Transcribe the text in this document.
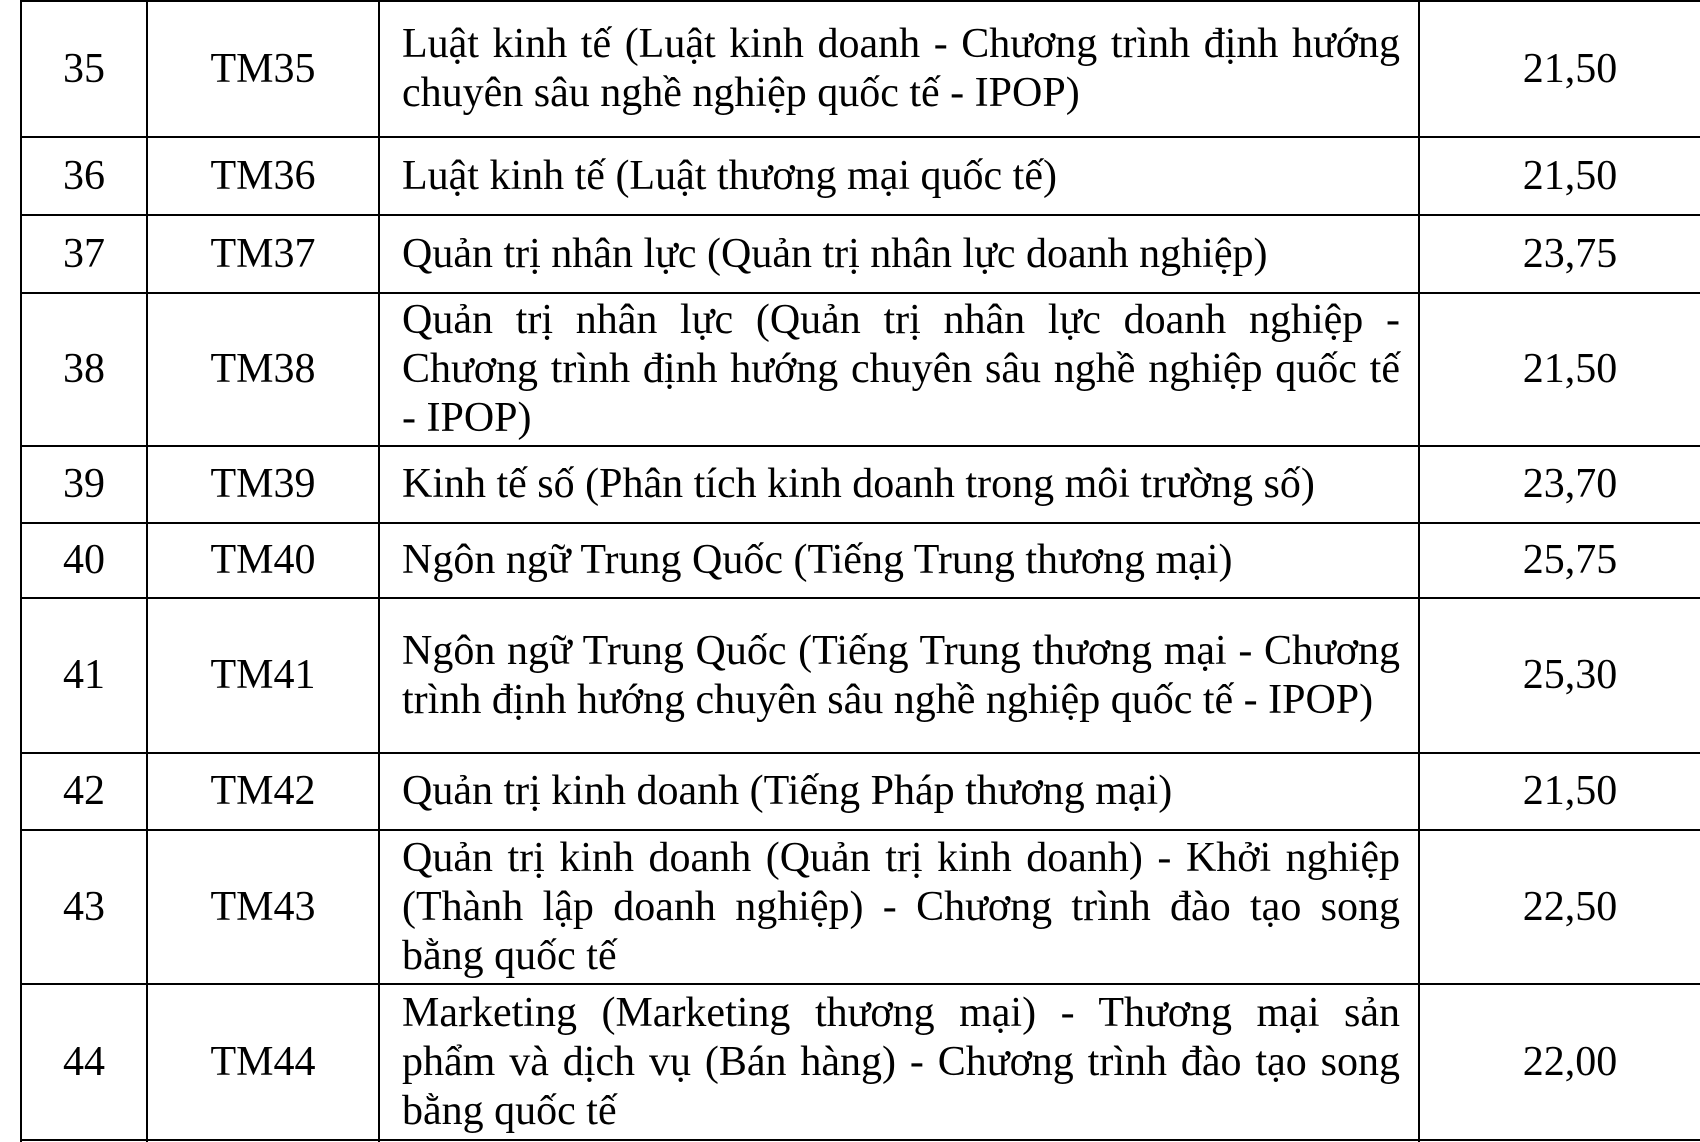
35	TM35	Luật kinh tế (Luật kinh doanh - Chương trình định hướng chuyên sâu nghề nghiệp quốc tế - IPOP)	21,50
36	TM36	Luật kinh tế (Luật thương mại quốc tế)	21,50
37	TM37	Quản trị nhân lực (Quản trị nhân lực doanh nghiệp)	23,75
38	TM38	Quản trị nhân lực (Quản trị nhân lực doanh nghiệp - Chương trình định hướng chuyên sâu nghề nghiệp quốc tế - IPOP)	21,50
39	TM39	Kinh tế số (Phân tích kinh doanh trong môi trường số)	23,70
40	TM40	Ngôn ngữ Trung Quốc (Tiếng Trung thương mại)	25,75
41	TM41	Ngôn ngữ Trung Quốc (Tiếng Trung thương mại - Chương trình định hướng chuyên sâu nghề nghiệp quốc tế - IPOP)	25,30
42	TM42	Quản trị kinh doanh (Tiếng Pháp thương mại)	21,50
43	TM43	Quản trị kinh doanh (Quản trị kinh doanh) - Khởi nghiệp (Thành lập doanh nghiệp) - Chương trình đào tạo song bằng quốc tế	22,50
44	TM44	Marketing (Marketing thương mại) - Thương mại sản phẩm và dịch vụ (Bán hàng) - Chương trình đào tạo song bằng quốc tế	22,00
